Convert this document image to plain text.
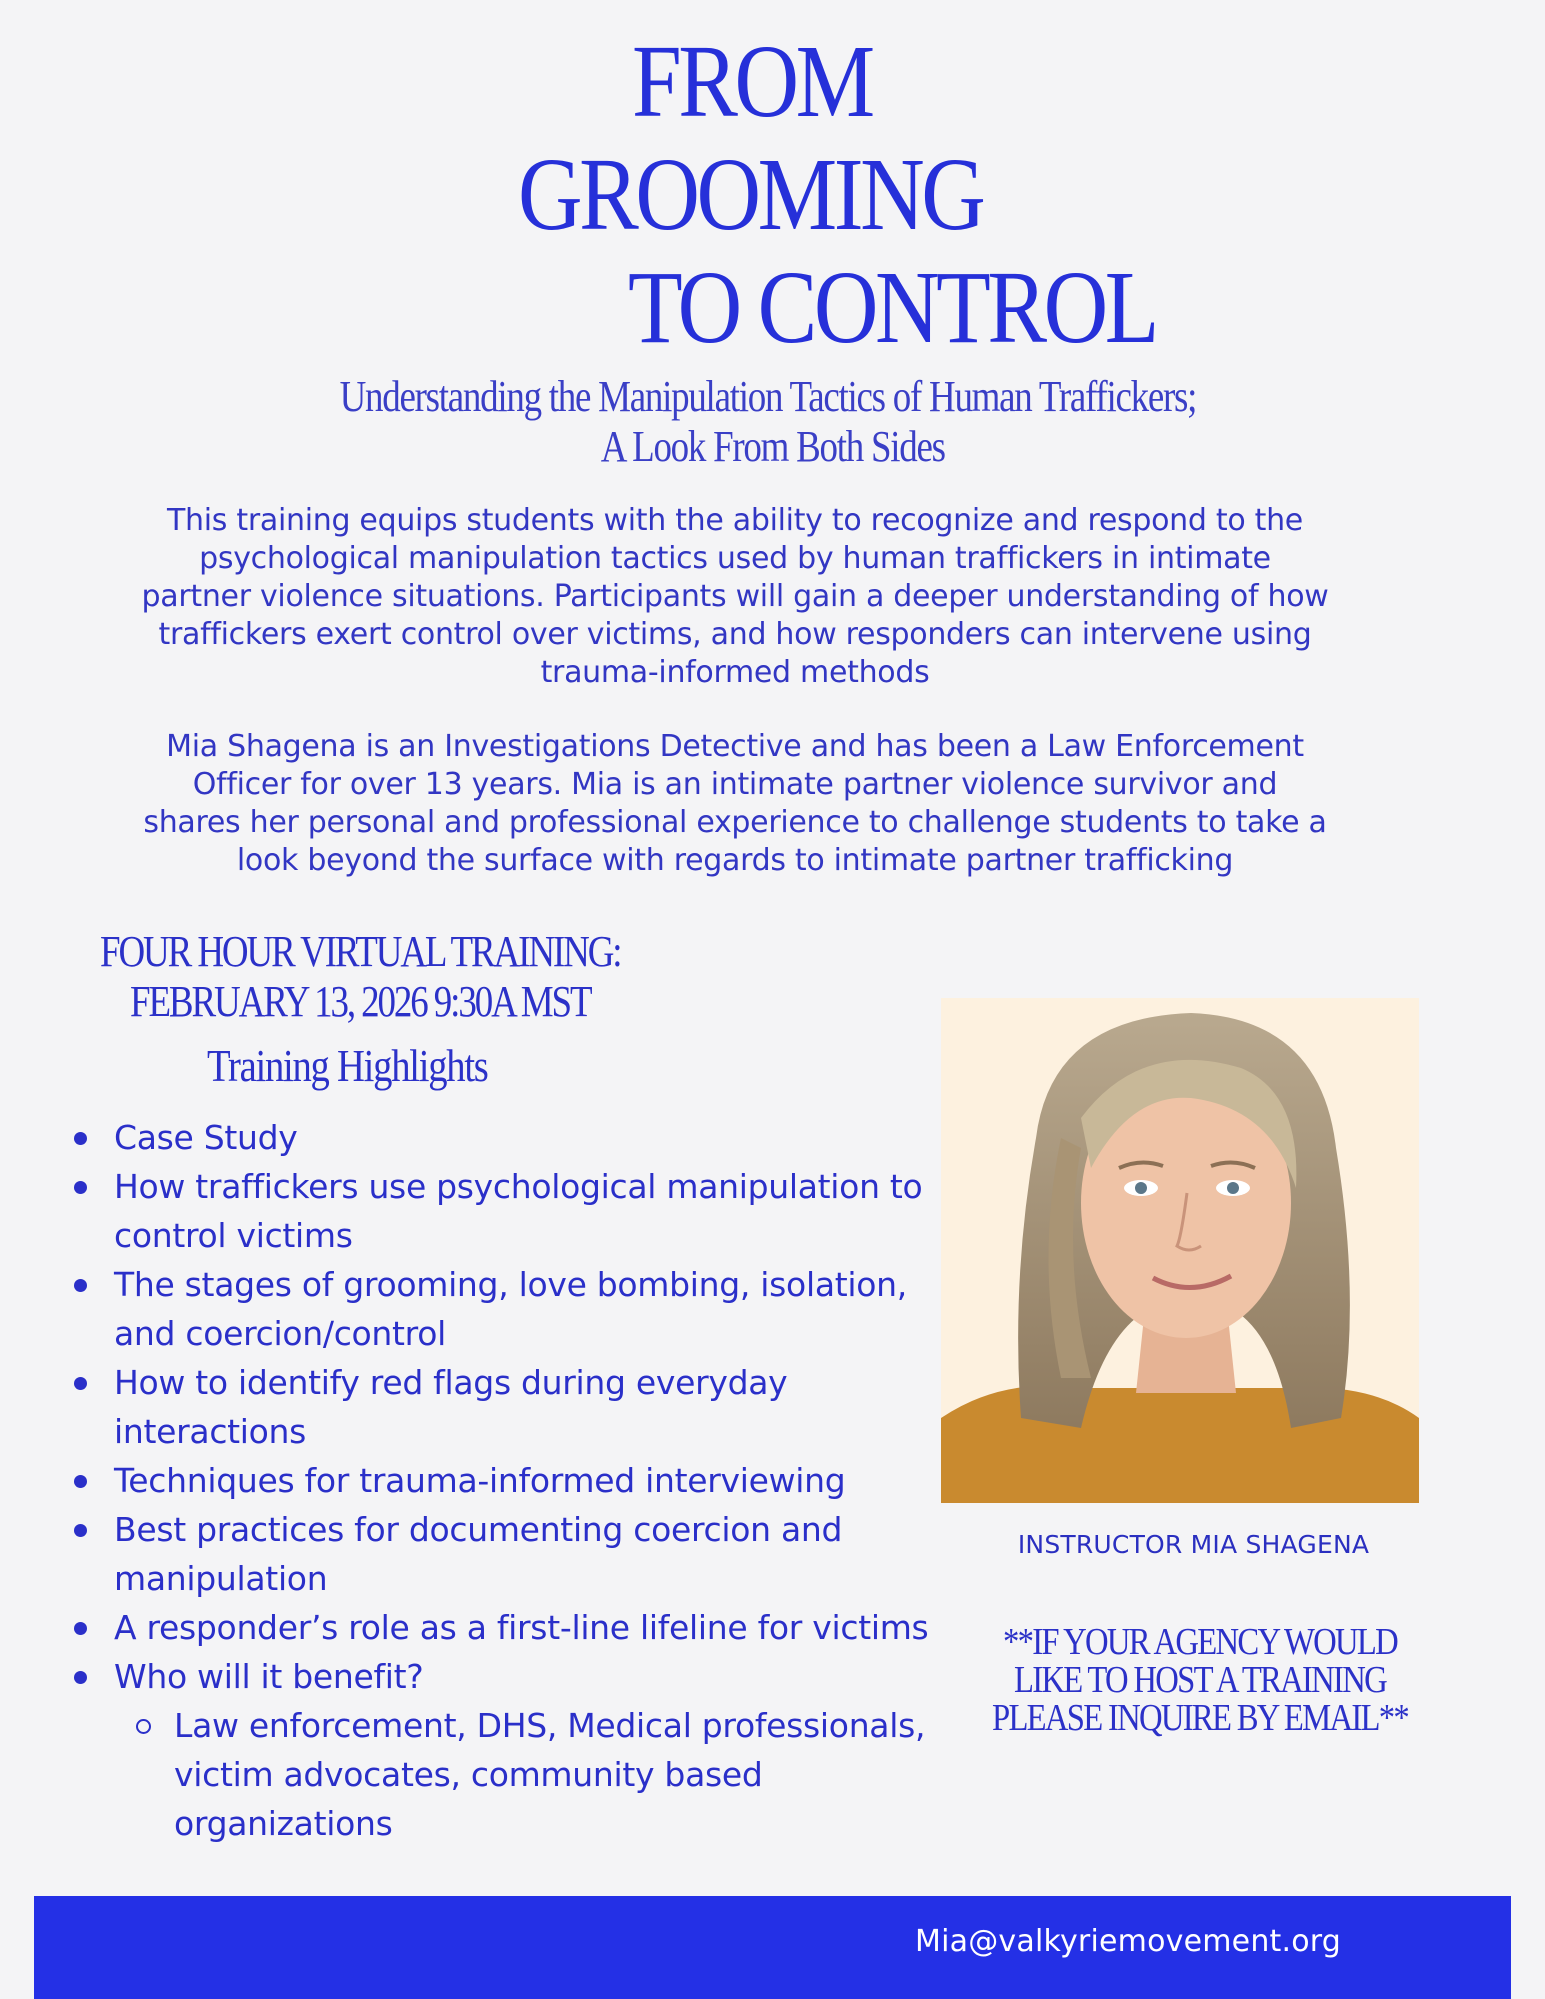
FROM
GROOMING
TO CONTROL
Understanding the Manipulation Tactics of Human Traffickers;
A Look From Both Sides
This training equips students with the ability to recognize and respond to the psychological manipulation tactics used by human traffickers in intimate partner violence situations. Participants will gain a deeper understanding of how traffickers exert control over victims, and how responders can intervene using trauma-informed methods
Mia Shagena is an Investigations Detective and has been a Law Enforcement Officer for over 13 years. Mia is an intimate partner violence survivor and shares her personal and professional experience to challenge students to take a look beyond the surface with regards to intimate partner trafficking
FOUR HOUR VIRTUAL TRAINING:
FEBRUARY 13, 2026 9:30A MST
Training Highlights
Case Study
How traffickers use psychological manipulation to control victims
The stages of grooming, love bombing, isolation, and coercion/control
How to identify red flags during everyday interactions
Techniques for trauma-informed interviewing
Best practices for documenting coercion and manipulation
A responder’s role as a first-line lifeline for victims
Who will it benefit?
Law enforcement, DHS, Medical professionals, victim advocates, community based organizations
INSTRUCTOR MIA SHAGENA
**IF YOUR AGENCY WOULD
LIKE TO HOST A TRAINING
PLEASE INQUIRE BY EMAIL**
Mia@valkyriemovement.org
